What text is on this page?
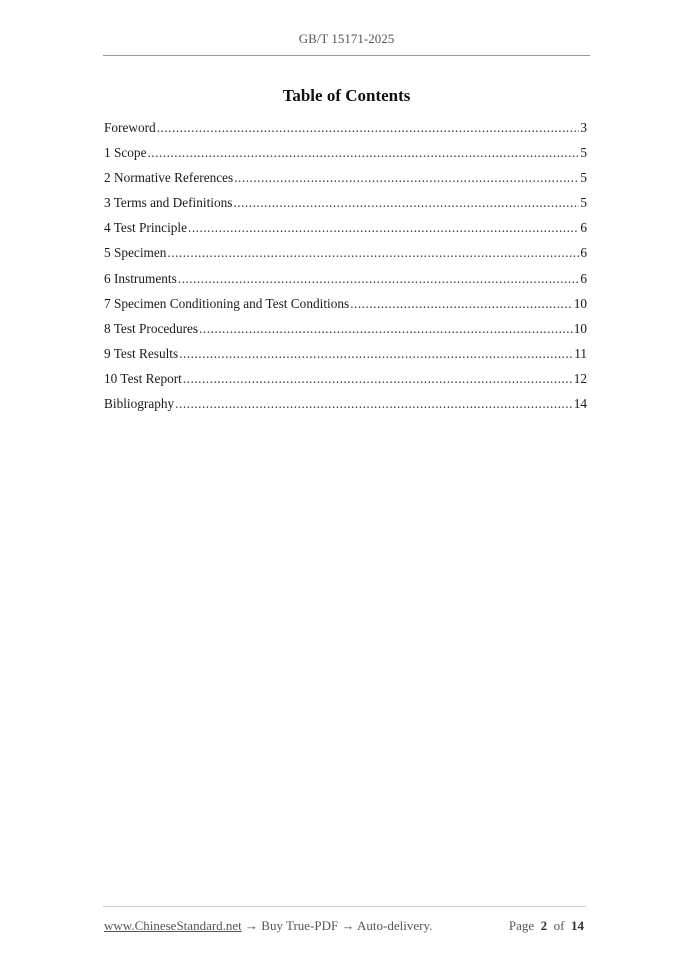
GB/T 15171-2025
Table of Contents
Foreword .....	3
1 Scope .....	5
2 Normative References .....	5
3 Terms and Definitions .....	5
4 Test Principle .....	6
5 Specimen .....	6
6 Instruments .....	6
7 Specimen Conditioning and Test Conditions .....	10
8 Test Procedures .....	10
9 Test Results .....	11
10 Test Report .....	12
Bibliography .....	14
www.ChineseStandard.net → Buy True-PDF → Auto-delivery.	Page 2 of 14
